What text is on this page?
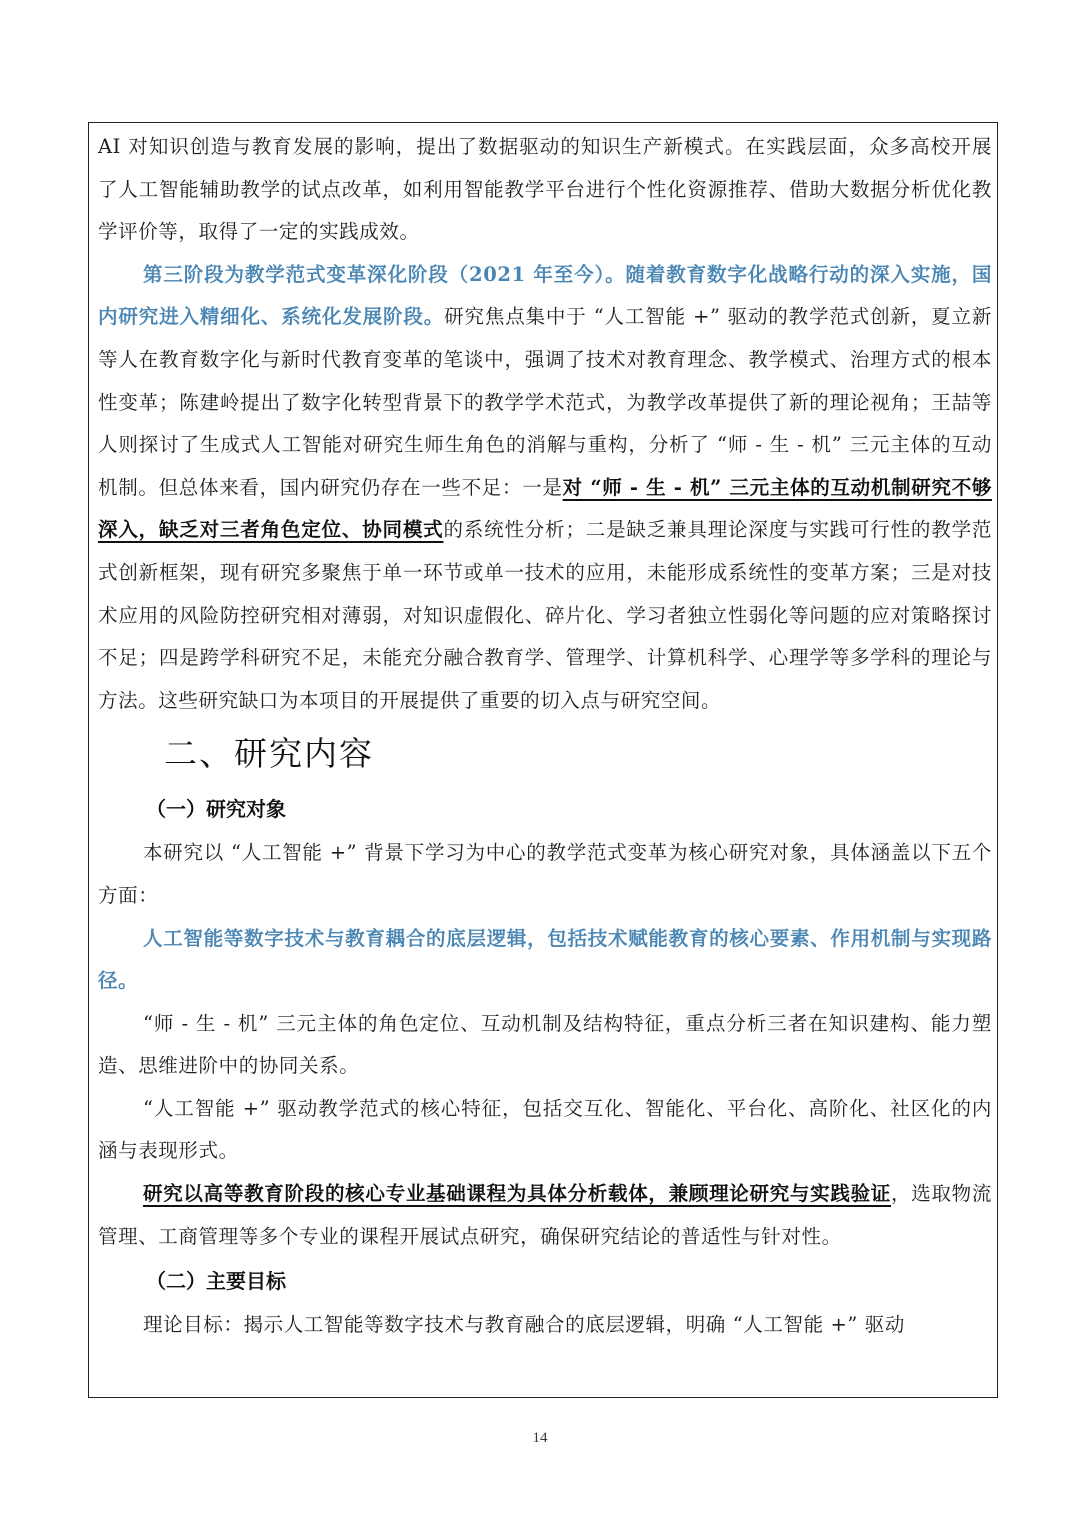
AI 对知识创造与教育发展的影响，提出了数据驱动的知识生产新模式。在实践层面，众多高校开展了人工智能辅助教学的试点改革，如利用智能教学平台进行个性化资源推荐、借助大数据分析优化教学评价等，取得了一定的实践成效。

第三阶段为教学范式变革深化阶段（2021 年至今）。随着教育数字化战略行动的深入实施，国内研究进入精细化、系统化发展阶段。研究焦点集中于 “人工智能 +” 驱动的教学范式创新，夏立新等人在教育数字化与新时代教育变革的笔谈中，强调了技术对教育理念、教学模式、治理方式的根本性变革；陈建岭提出了数字化转型背景下的教学学术范式，为教学改革提供了新的理论视角；王喆等人则探讨了生成式人工智能对研究生师生角色的消解与重构，分析了 “师 - 生 - 机” 三元主体的互动机制。但总体来看，国内研究仍存在一些不足：一是对 “师 - 生 - 机” 三元主体的互动机制研究不够深入，缺乏对三者角色定位、协同模式的系统性分析；二是缺乏兼具理论深度与实践可行性的教学范式创新框架，现有研究多聚焦于单一环节或单一技术的应用，未能形成系统性的变革方案；三是对技术应用的风险防控研究相对薄弱，对知识虚假化、碎片化、学习者独立性弱化等问题的应对策略探讨不足；四是跨学科研究不足，未能充分融合教育学、管理学、计算机科学、心理学等多学科的理论与方法。这些研究缺口为本项目的开展提供了重要的切入点与研究空间。

二、研究内容
（一）研究对象

本研究以 “人工智能 +” 背景下学习为中心的教学范式变革为核心研究对象，具体涵盖以下五个方面：

人工智能等数字技术与教育耦合的底层逻辑，包括技术赋能教育的核心要素、作用机制与实现路径。

“师 - 生 - 机” 三元主体的角色定位、互动机制及结构特征，重点分析三者在知识建构、能力塑造、思维进阶中的协同关系。

“人工智能 +” 驱动教学范式的核心特征，包括交互化、智能化、平台化、高阶化、社区化的内涵与表现形式。

研究以高等教育阶段的核心专业基础课程为具体分析载体，兼顾理论研究与实践验证，选取物流管理、工商管理等多个专业的课程开展试点研究，确保研究结论的普适性与针对性。

（二）主要目标

理论目标：揭示人工智能等数字技术与教育融合的底层逻辑，明确 “人工智能 +” 驱动

14
